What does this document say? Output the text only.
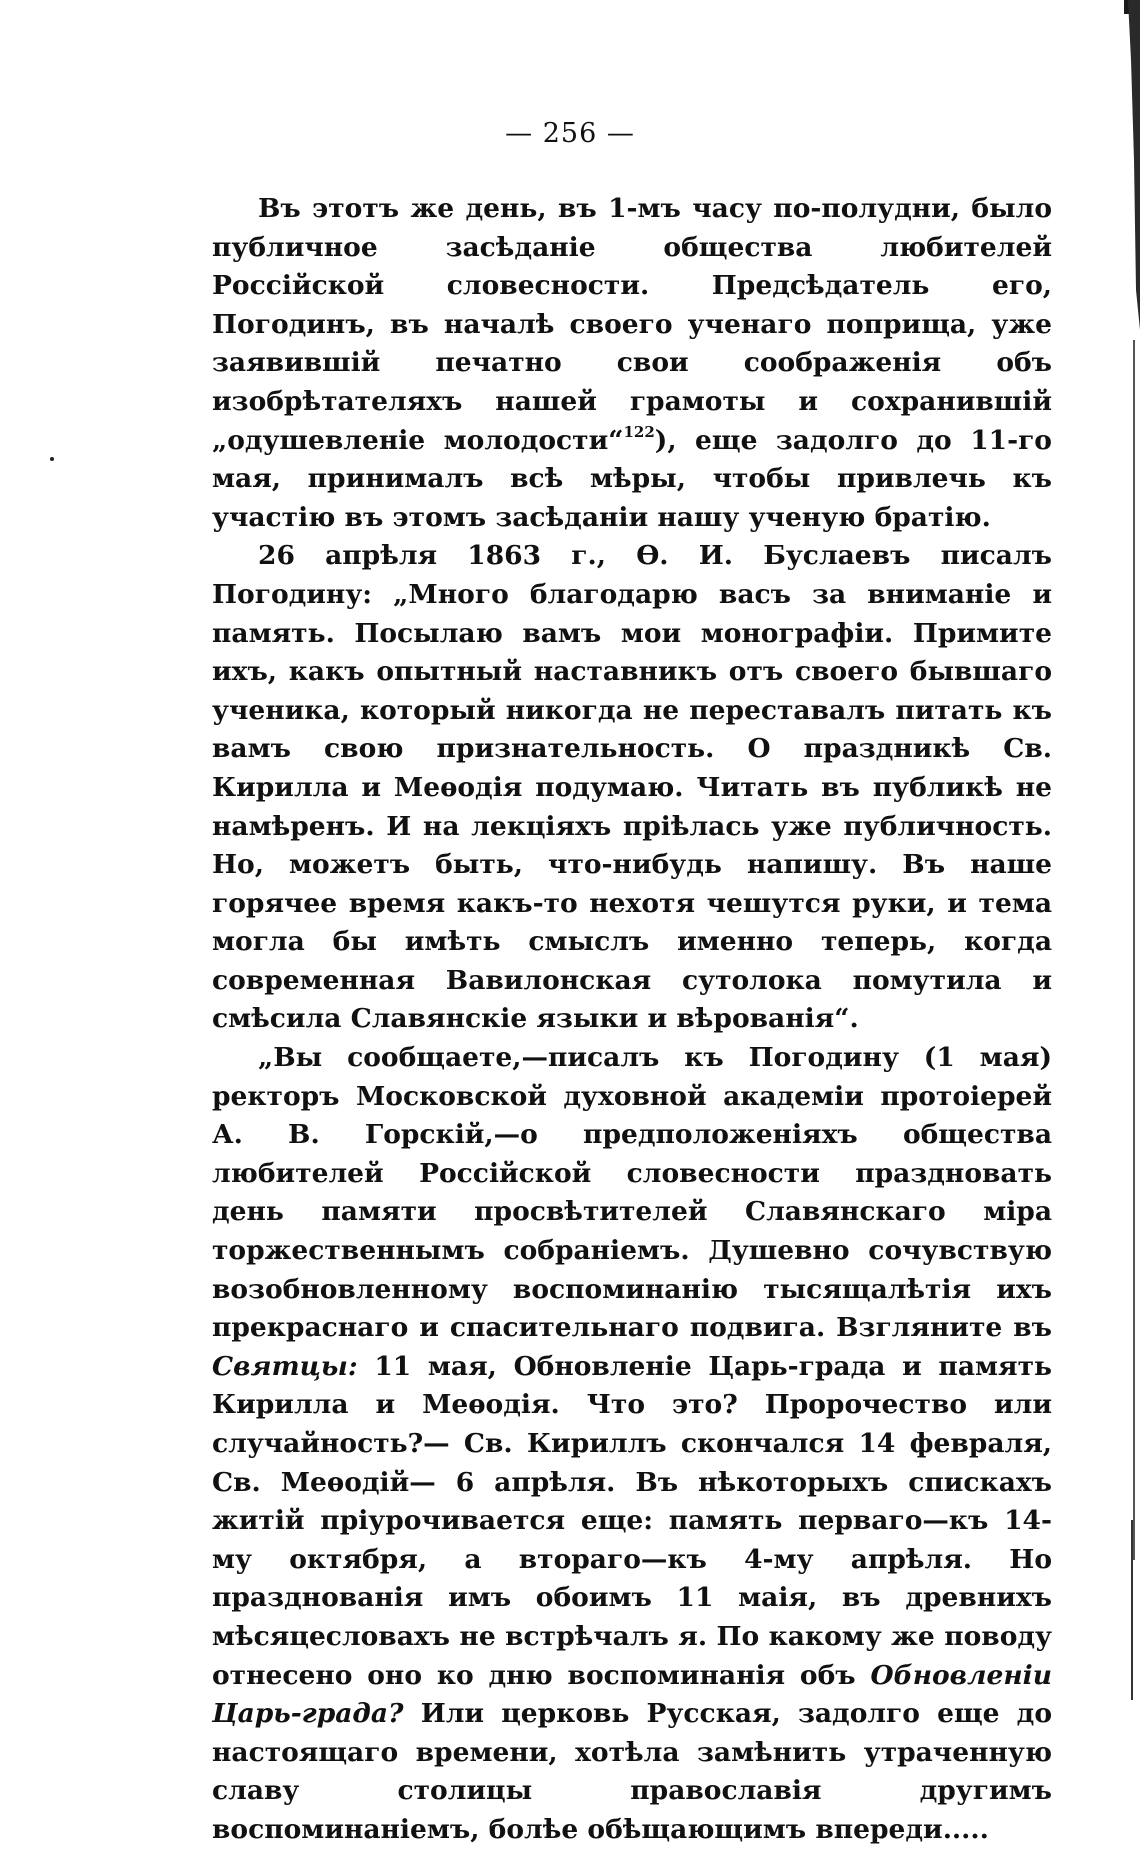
— 256 —

Въ этотъ же день, въ 1-мъ часу по-полудни, было публичное засѣданіе общества любителей Россійской словесности. Предсѣдатель его, Погодинъ, въ началѣ своего ученаго поприща, уже заявившій печатно свои соображенія объ изобрѣтателяхъ нашей грамоты и сохранившій „одушевленіе молодости“$^{122}$), еще задолго до 11-го мая, принималъ всѣ мѣры, чтобы привлечь къ участію въ этомъ засѣданіи нашу ученую братію.

26 апрѣля 1863 г., Ѳ. И. Буслаевъ писалъ Погодину: „Много благодарю васъ за вниманіе и память. Посылаю вамъ мои монографіи. Примите ихъ, какъ опытный наставникъ отъ своего бывшаго ученика, который никогда не переставалъ питать къ вамъ свою признательность. О праздникѣ Св. Кирилла и Меѳодія подумаю. Читать въ публикѣ не намѣренъ. И на лекціяхъ пріѣлась уже публичность. Но, можетъ быть, что-нибудь напишу. Въ наше горячее время какъ-то нехотя чешутся руки, и тема могла бы имѣть смыслъ именно теперь, когда современная Вавилонская сутолока помутила и смѣсила Славянскіе языки и вѣрованія“.

„Вы сообщаете,—писалъ къ Погодину (1 мая) ректоръ Московской духовной академіи протоіерей А. В. Горскій,—о предположеніяхъ общества любителей Россійской словесности праздновать день памяти просвѣтителей Славянскаго міра торжественнымъ собраніемъ. Душевно сочувствую возобновленному воспоминанію тысящалѣтія ихъ прекраснаго и спасительнаго подвига. Взгляните въ Святцы: 11 мая, Обновленіе Царь-града и память Кирилла и Меѳодія. Что это? Пророчество или случайность?— Св. Кириллъ скончался 14 февраля, Св. Меѳодій— 6 апрѣля. Въ нѣкоторыхъ спискахъ житій пріурочивается еще: память перваго—къ 14-му октября, а втораго—къ 4-му апрѣля. Но празднованія имъ обоимъ 11 маія, въ древнихъ мѣсяцесловахъ не встрѣчалъ я. По какому же поводу отнесено оно ко дню воспоминанія объ Обновленіи Царь-града? Или церковь Русская, задолго еще до настоящаго времени, хотѣла замѣнить утраченную славу столицы православія другимъ воспоминаніемъ, болѣе обѣщающимъ впереди.....
